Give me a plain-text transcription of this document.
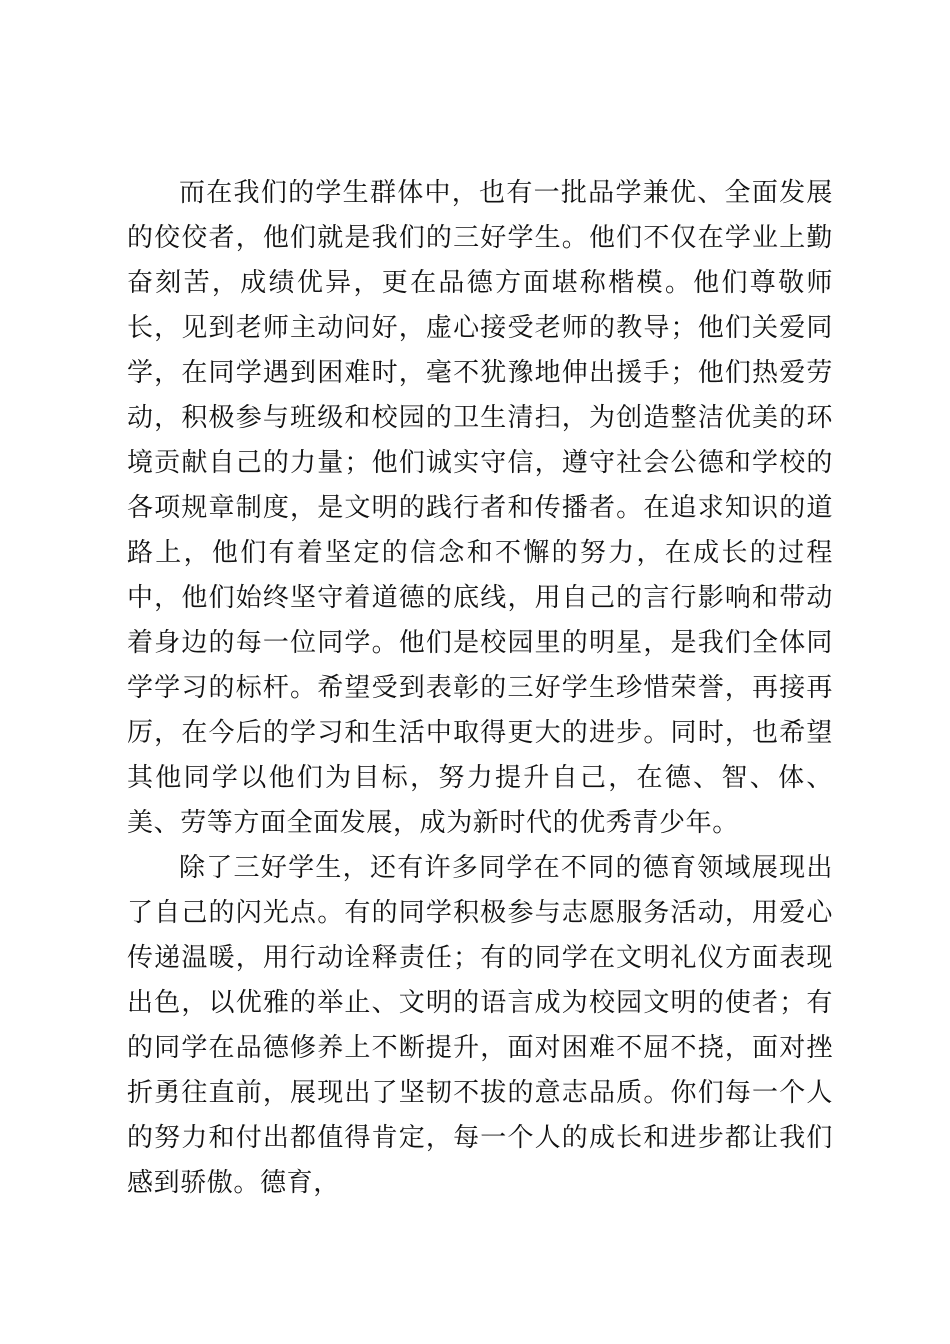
而在我们的学生群体中，也有一批品学兼优、全面发展的佼佼者，他们就是我们的三好学生。他们不仅在学业上勤奋刻苦，成绩优异，更在品德方面堪称楷模。他们尊敬师长，见到老师主动问好，虚心接受老师的教导；他们关爱同学，在同学遇到困难时，毫不犹豫地伸出援手；他们热爱劳动，积极参与班级和校园的卫生清扫，为创造整洁优美的环境贡献自己的力量；他们诚实守信，遵守社会公德和学校的各项规章制度，是文明的践行者和传播者。在追求知识的道路上，他们有着坚定的信念和不懈的努力，在成长的过程中，他们始终坚守着道德的底线，用自己的言行影响和带动着身边的每一位同学。他们是校园里的明星，是我们全体同学学习的标杆。希望受到表彰的三好学生珍惜荣誉，再接再厉，在今后的学习和生活中取得更大的进步。同时，也希望其他同学以他们为目标，努力提升自己，在德、智、体、美、劳等方面全面发展，成为新时代的优秀青少年。

除了三好学生，还有许多同学在不同的德育领域展现出了自己的闪光点。有的同学积极参与志愿服务活动，用爱心传递温暖，用行动诠释责任；有的同学在文明礼仪方面表现出色，以优雅的举止、文明的语言成为校园文明的使者；有的同学在品德修养上不断提升，面对困难不屈不挠，面对挫折勇往直前，展现出了坚韧不拔的意志品质。你们每一个人的努力和付出都值得肯定，每一个人的成长和进步都让我们感到骄傲。德育，
